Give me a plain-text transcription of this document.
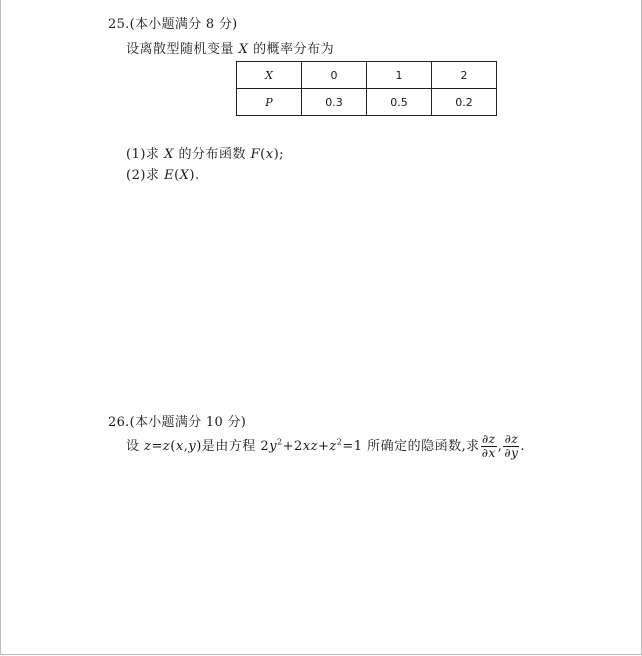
25.(本小题满分 8 分)
设离散型随机变量 X 的概率分布为
X	0	1	2
P	0.3	0.5	0.2
(1)求 X 的分布函数 F(x);
(2)求 E(X).
26.(本小题满分 10 分)
设 z=z(x,y)是由方程 $2y^2+2xz+z^2=1$ 所确定的隐函数,求 $\frac{\partial z}{\partial x}$ , $\frac{\partial z}{\partial y}$ .
